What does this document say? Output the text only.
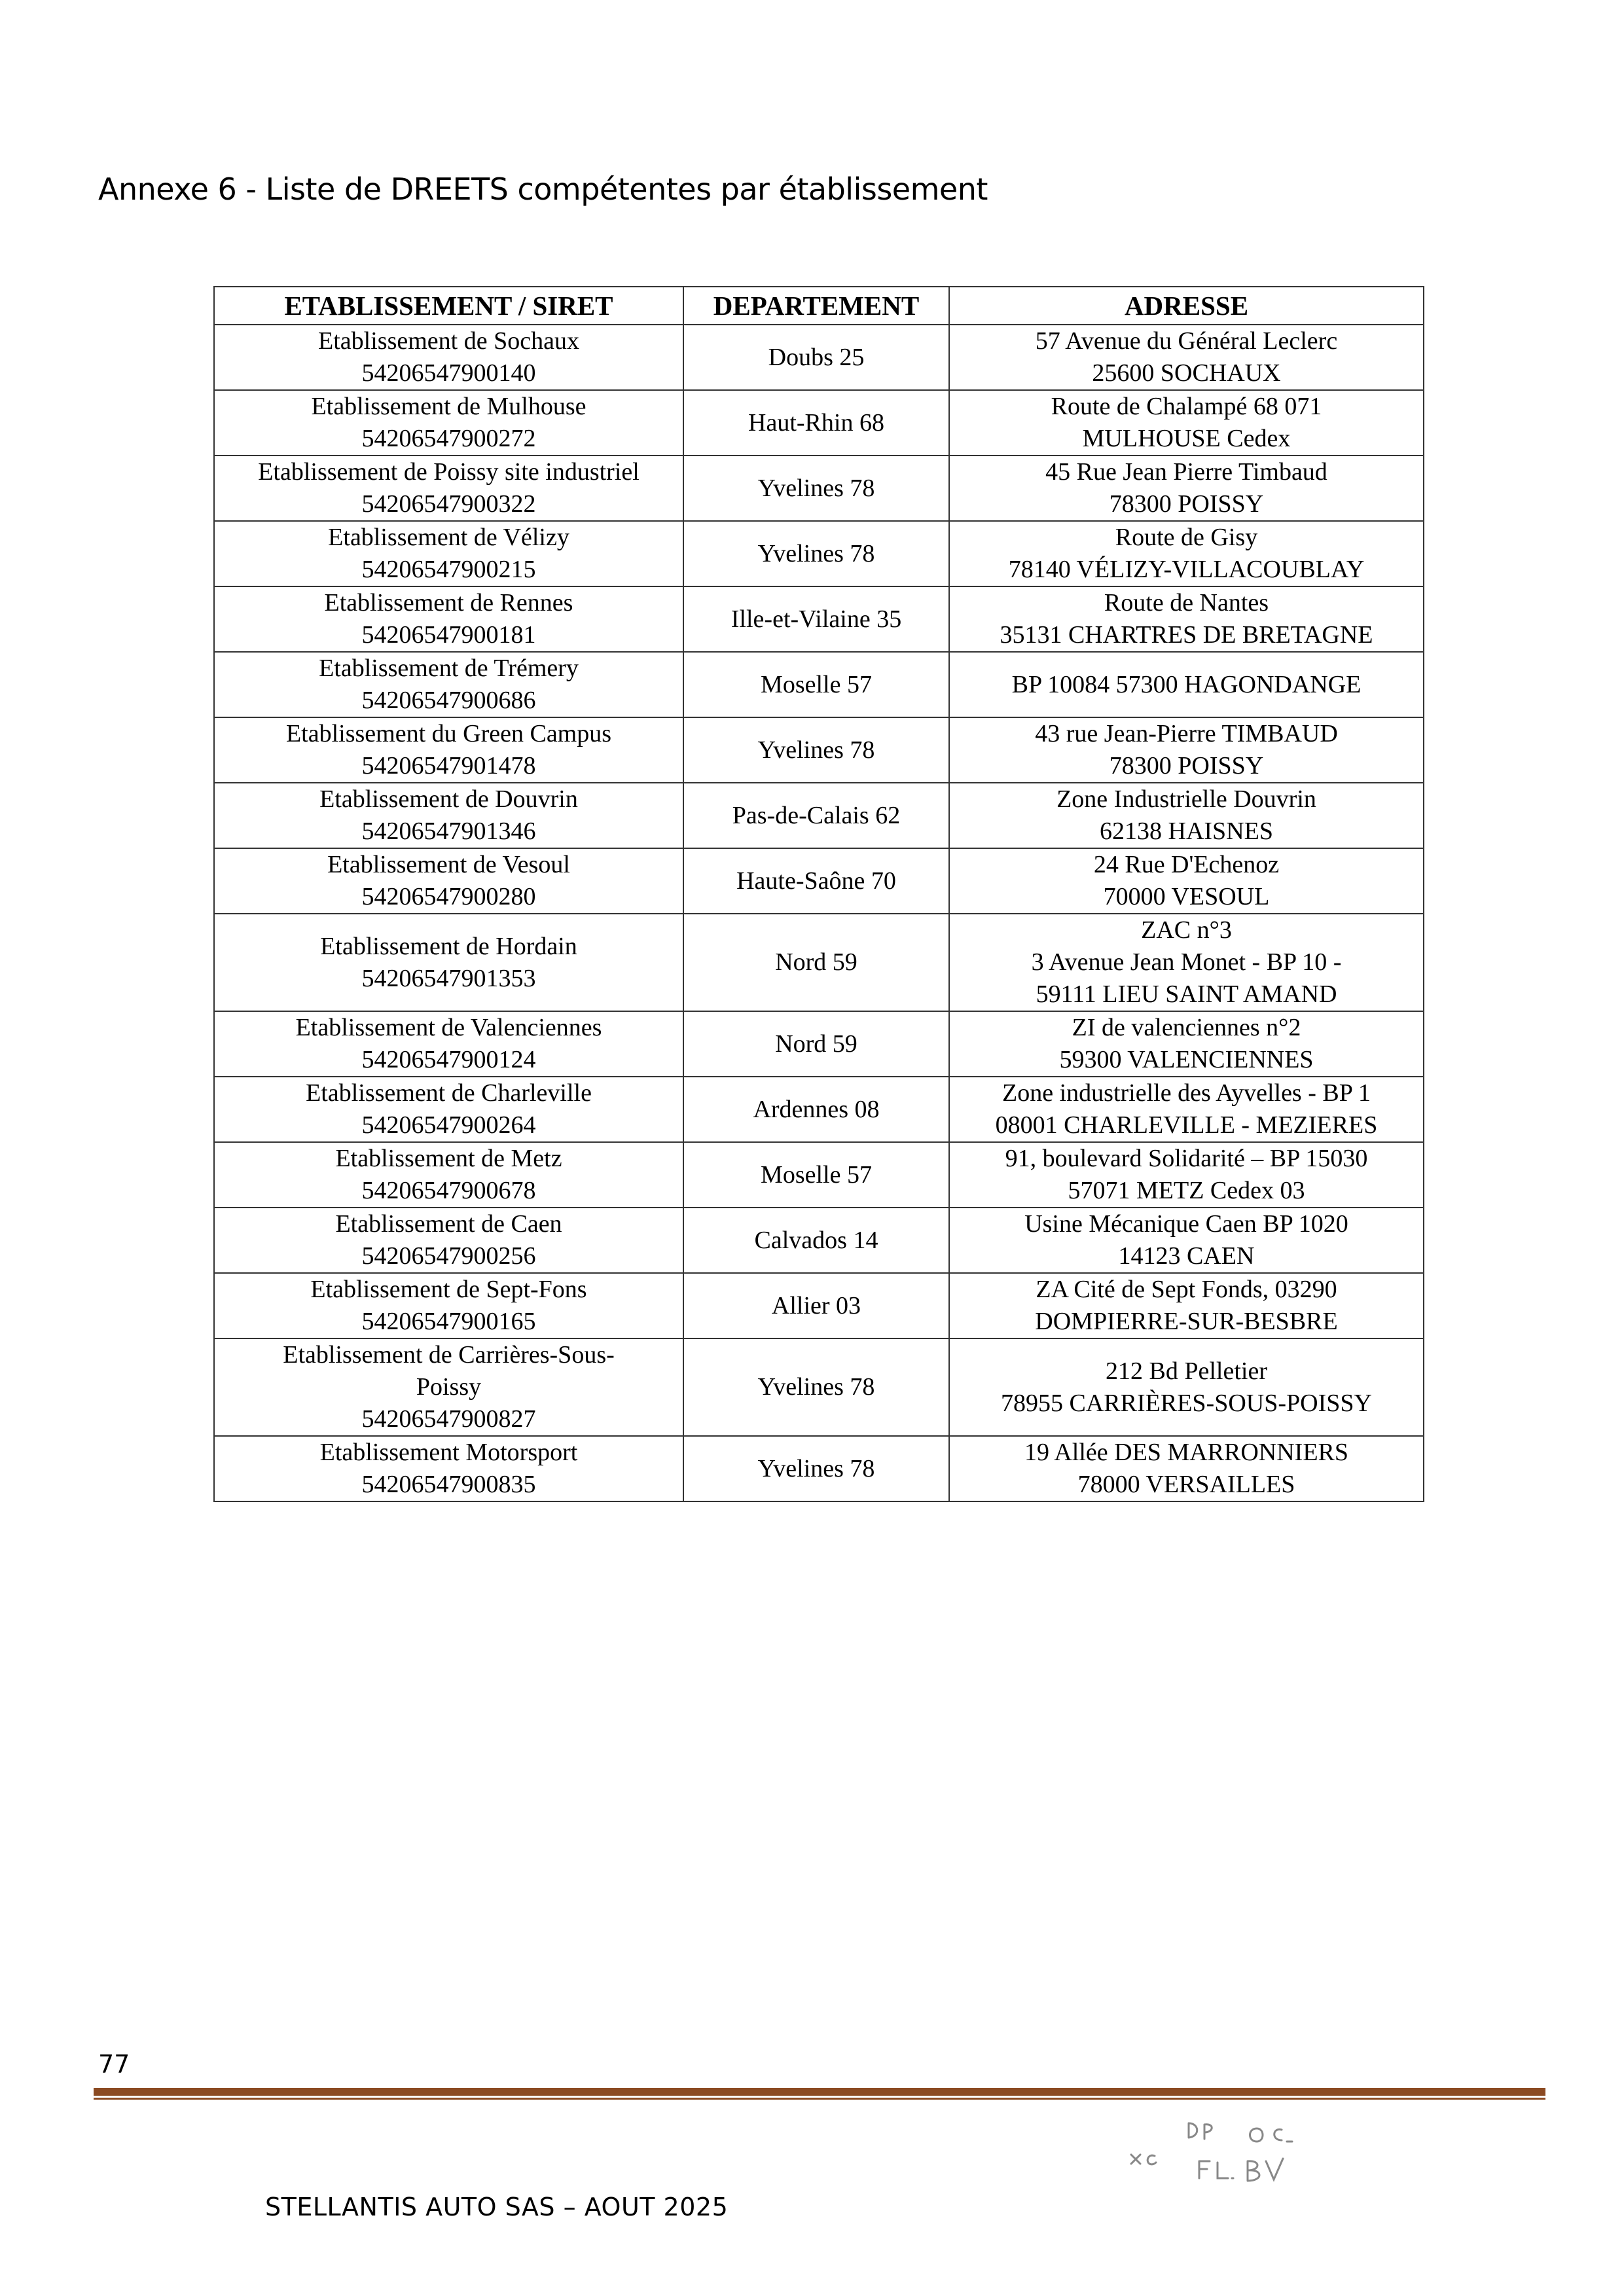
Annexe 6 - Liste de DREETS compétentes par établissement
ETABLISSEMENT / SIRET	DEPARTEMENT	ADRESSE

Etablissement de Sochaux
54206547900140	Doubs 25	57 Avenue du Général Leclerc
25600 SOCHAUX

Etablissement de Mulhouse
54206547900272	Haut-Rhin 68	Route de Chalampé 68 071
MULHOUSE Cedex

Etablissement de Poissy site industriel
54206547900322	Yvelines 78	45 Rue Jean Pierre Timbaud
78300 POISSY

Etablissement de Vélizy
54206547900215	Yvelines 78	Route de Gisy
78140 VÉLIZY-VILLACOUBLAY

Etablissement de Rennes
54206547900181	Ille-et-Vilaine 35	Route de Nantes
35131 CHARTRES DE BRETAGNE

Etablissement de Trémery
54206547900686	Moselle 57	BP 10084 57300 HAGONDANGE

Etablissement du Green Campus
54206547901478	Yvelines 78	43 rue Jean-Pierre TIMBAUD
78300 POISSY

Etablissement de Douvrin
54206547901346	Pas-de-Calais 62	Zone Industrielle Douvrin
62138 HAISNES

Etablissement de Vesoul
54206547900280	Haute-Saône 70	24 Rue D'Echenoz
70000 VESOUL

Etablissement de Hordain
54206547901353	Nord 59	ZAC n°3
3 Avenue Jean Monet - BP 10 -
59111 LIEU SAINT AMAND

Etablissement de Valenciennes
54206547900124	Nord 59	ZI de valenciennes n°2
59300 VALENCIENNES

Etablissement de Charleville
54206547900264	Ardennes 08	Zone industrielle des Ayvelles - BP 1
08001 CHARLEVILLE - MEZIERES

Etablissement de Metz
54206547900678	Moselle 57	91, boulevard Solidarité – BP 15030
57071 METZ Cedex 03

Etablissement de Caen
54206547900256	Calvados 14	Usine Mécanique Caen BP 1020
14123 CAEN

Etablissement de Sept-Fons
54206547900165	Allier 03	ZA Cité de Sept Fonds, 03290
DOMPIERRE-SUR-BESBRE

Etablissement de Carrières-Sous-
Poissy
54206547900827	Yvelines 78	212 Bd Pelletier
78955 CARRIÈRES-SOUS-POISSY

Etablissement Motorsport
54206547900835	Yvelines 78	19 Allée DES MARRONNIERS
78000 VERSAILLES
77
STELLANTIS AUTO SAS – AOUT 2025
